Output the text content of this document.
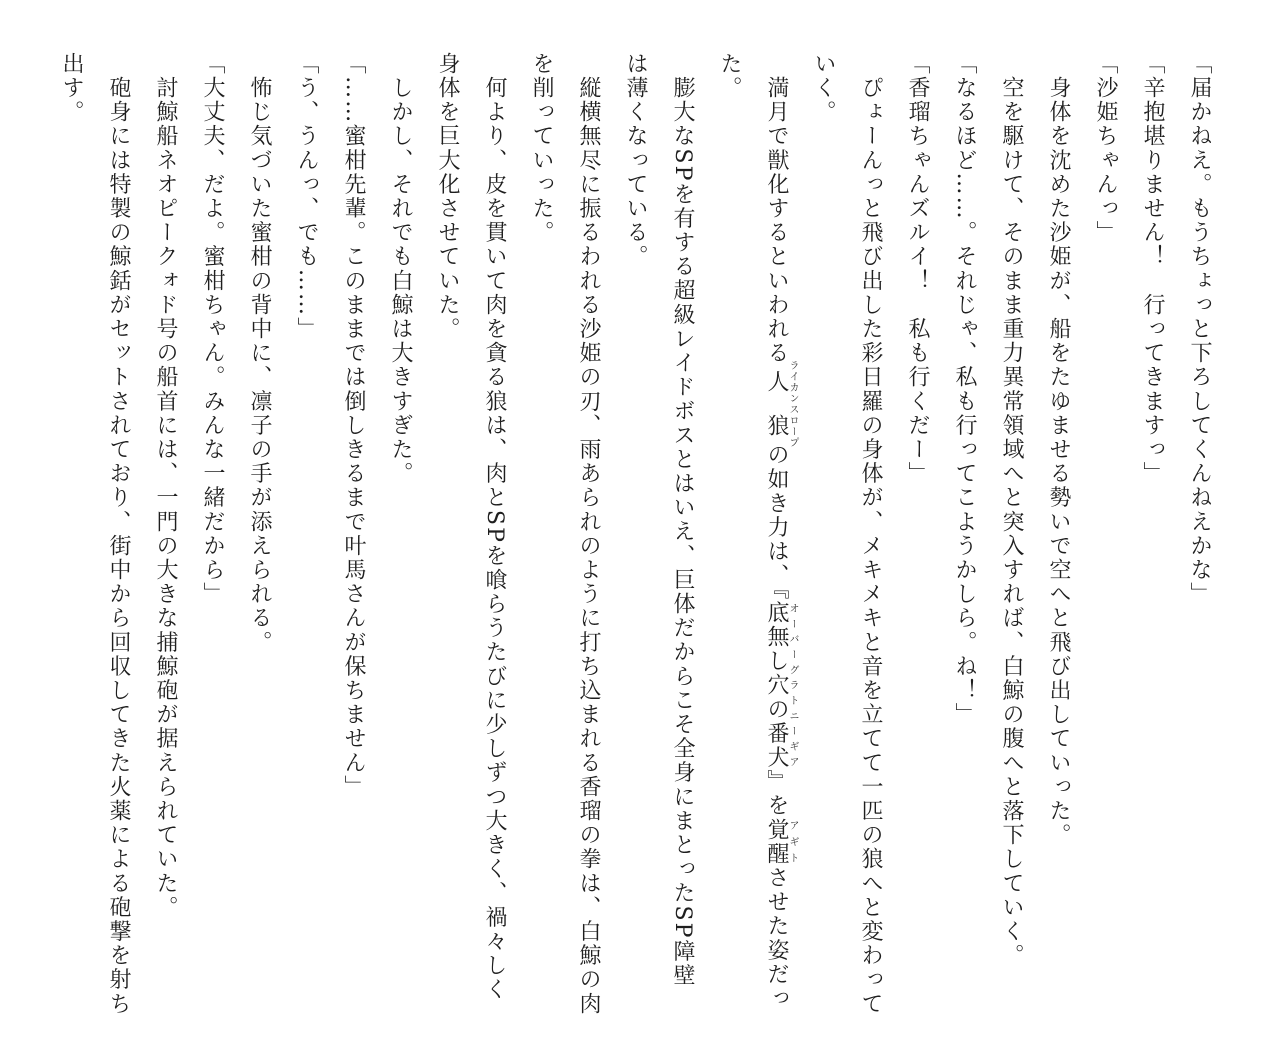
「届かねえ。もうちょっと下ろしてくんねえかな」
「辛抱堪りません！　行ってきますっ」
「沙姫ちゃんっ」
　身体を沈めた沙姫が、船をたゆませる勢いで空へと飛び出していった。
　空を駆けて、そのまま重力異常領域へと突入すれば、白鯨の腹へと落下していく。
「なるほど……。それじゃ、私も行ってこようかしら。ね！」
「香瑠ちゃんズルイ！　私も行くだー」
　ぴょーんっと飛び出した彩日羅の身体が、メキメキと音を立てて一匹の狼へと変わって
いく。
　満月で獣化するといわれる人狼ライカンスロープの如き力は、『底無し穴の番犬オーバーグラトニーギア』を覚醒アギトさせた姿だっ
た。
　膨大なSPを有する超級レイドボスとはいえ、巨体だからこそ全身にまとったSP障壁
は薄くなっている。
　縦横無尽に振るわれる沙姫の刃、雨あられのように打ち込まれる香瑠の拳は、白鯨の肉
を削っていった。
　何より、皮を貫いて肉を貪る狼は、肉とSPを喰らうたびに少しずつ大きく、禍々しく
身体を巨大化させていた。
　しかし、それでも白鯨は大きすぎた。
「……蜜柑先輩。このままでは倒しきるまで叶馬さんが保ちません」
「う、うんっ、でも……」
　怖じ気づいた蜜柑の背中に、凛子の手が添えられる。
「大丈夫、だよ。蜜柑ちゃん。みんな一緒だから」
　討鯨船ネオピークォド号の船首には、一門の大きな捕鯨砲が据えられていた。
　砲身には特製の鯨銛がセットされており、街中から回収してきた火薬による砲撃を射ち
出す。
